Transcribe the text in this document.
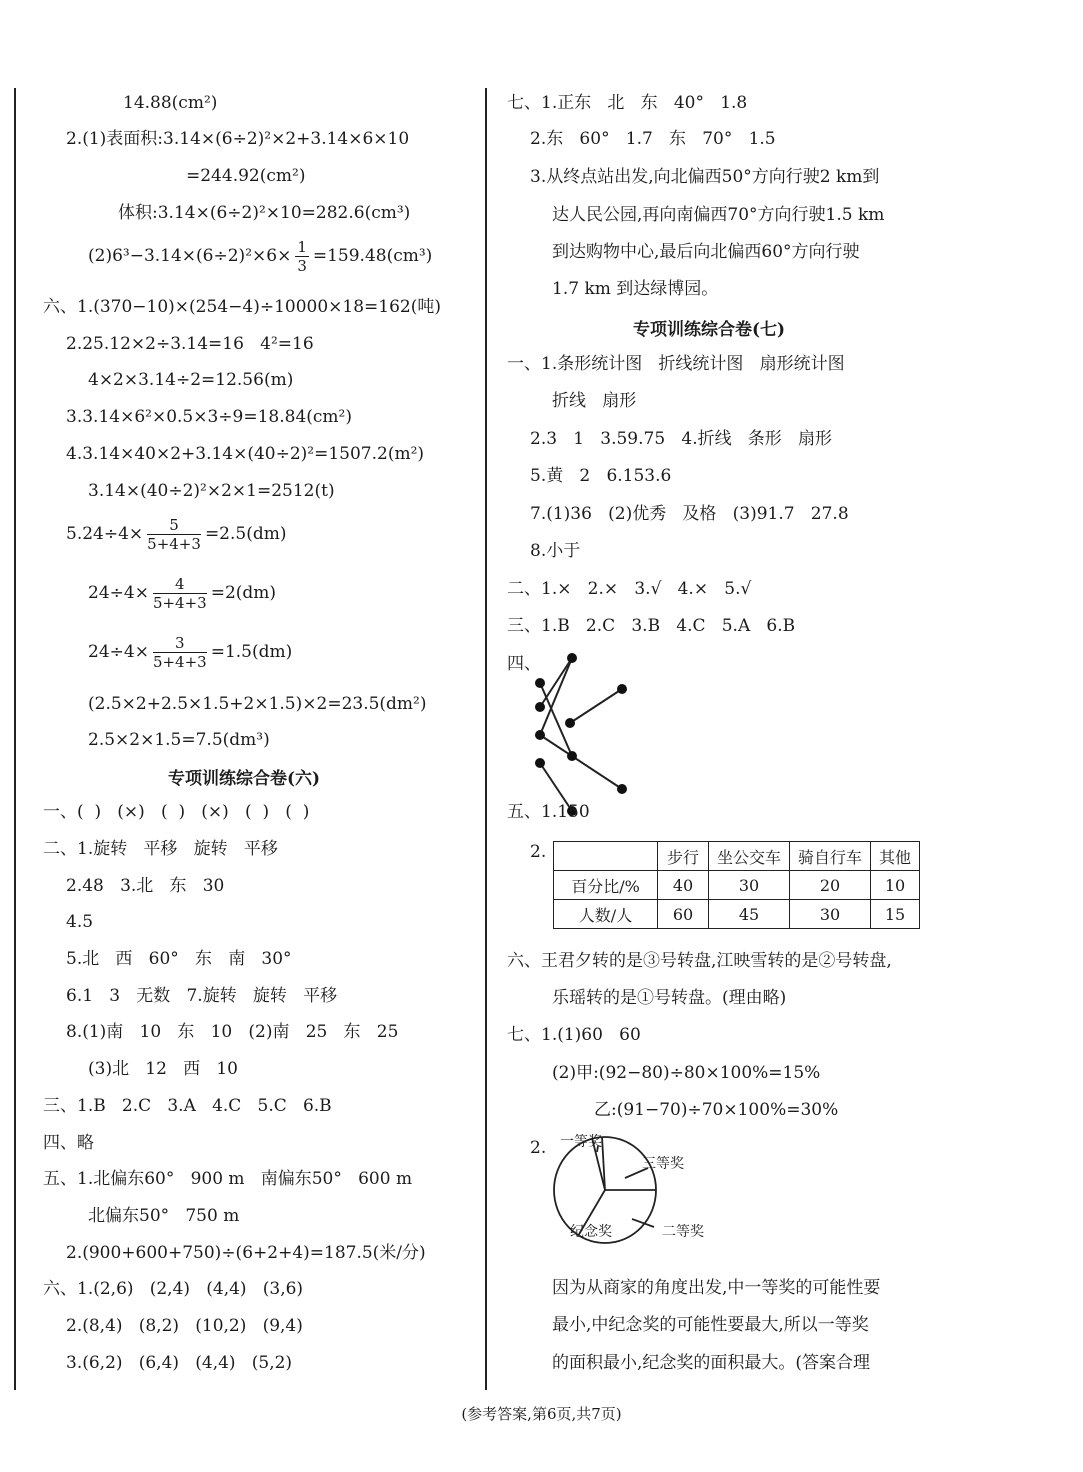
14.88(cm²)
2.(1)表面积:3.14×(6÷2)²×2+3.14×6×10
=244.92(cm²)
体积:3.14×(6÷2)²×10=282.6(cm³)
$(2)6^3-3.14\times(6\div 2)^2\times 6\times \frac{1}{3} =159.48(cm^3)$
六、1.(370−10)×(254−4)÷10000×18=162(吨)
2.25.12×2÷3.14=16   4²=16
4×2×3.14÷2=12.56(m)
3.3.14×6²×0.5×3÷9=18.84(cm²)
4.3.14×40×2+3.14×(40÷2)²=1507.2(m²)
3.14×(40÷2)²×2×1=2512(t)
$5.24\div 4\times \frac{5}{5+4+3} =2.5(dm)$
$24\div 4\times \frac{4}{5+4+3} =2(dm)$
$24\div 4\times \frac{3}{5+4+3} =1.5(dm)$
(2.5×2+2.5×1.5+2×1.5)×2=23.5(dm²)
2.5×2×1.5=7.5(dm³)
专项训练综合卷(六)
一、(  )   (×)   (  )   (×)   (  )   (  )
二、1.旋转   平移   旋转   平移
2.48   3.北   东   30
4.5
5.北   西   60°   东   南   30°
6.1   3   无数   7.旋转   旋转   平移
8.(1)南   10   东   10   (2)南   25   东   25
(3)北   12   西   10
三、1.B   2.C   3.A   4.C   5.C   6.B
四、略
五、1.北偏东60°   900 m   南偏东50°   600 m
北偏东50°   750 m
2.(900+600+750)÷(6+2+4)=187.5(米/分)
六、1.(2,6)   (2,4)   (4,4)   (3,6)
2.(8,4)   (8,2)   (10,2)   (9,4)
3.(6,2)   (6,4)   (4,4)   (5,2)
七、1.正东   北   东   40°   1.8
2.东   60°   1.7   东   70°   1.5
3.从终点站出发,向北偏西50°方向行驶2 km到
达人民公园,再向南偏西70°方向行驶1.5 km
到达购物中心,最后向北偏西60°方向行驶
1.7 km 到达绿博园。
专项训练综合卷(七)
一、1.条形统计图   折线统计图   扇形统计图
折线   扇形
2.3   1   3.59.75   4.折线   条形   扇形
5.黄   2   6.153.6
7.(1)36   (2)优秀   及格   (3)91.7   27.8
8.小于
二、1.×   2.×   3.√   4.×   5.√
三、1.B   2.C   3.B   4.C   5.A   6.B
四、
五、1.150
2.
		步行	坐公交车	骑自行车	其他
百分比/%	40	30	20	10
人数/人	60	45	30	15
六、王君夕转的是③号转盘,江映雪转的是②号转盘,
乐瑶转的是①号转盘。(理由略)
七、1.(1)60   60
(2)甲:(92−80)÷80×100%=15%
乙:(91−70)÷70×100%=30%
2. 一等奖
三等奖
二等奖
纪念奖
因为从商家的角度出发,中一等奖的可能性要
最小,中纪念奖的可能性要最大,所以一等奖
的面积最小,纪念奖的面积最大。(答案合理
(参考答案,第6页,共7页)
